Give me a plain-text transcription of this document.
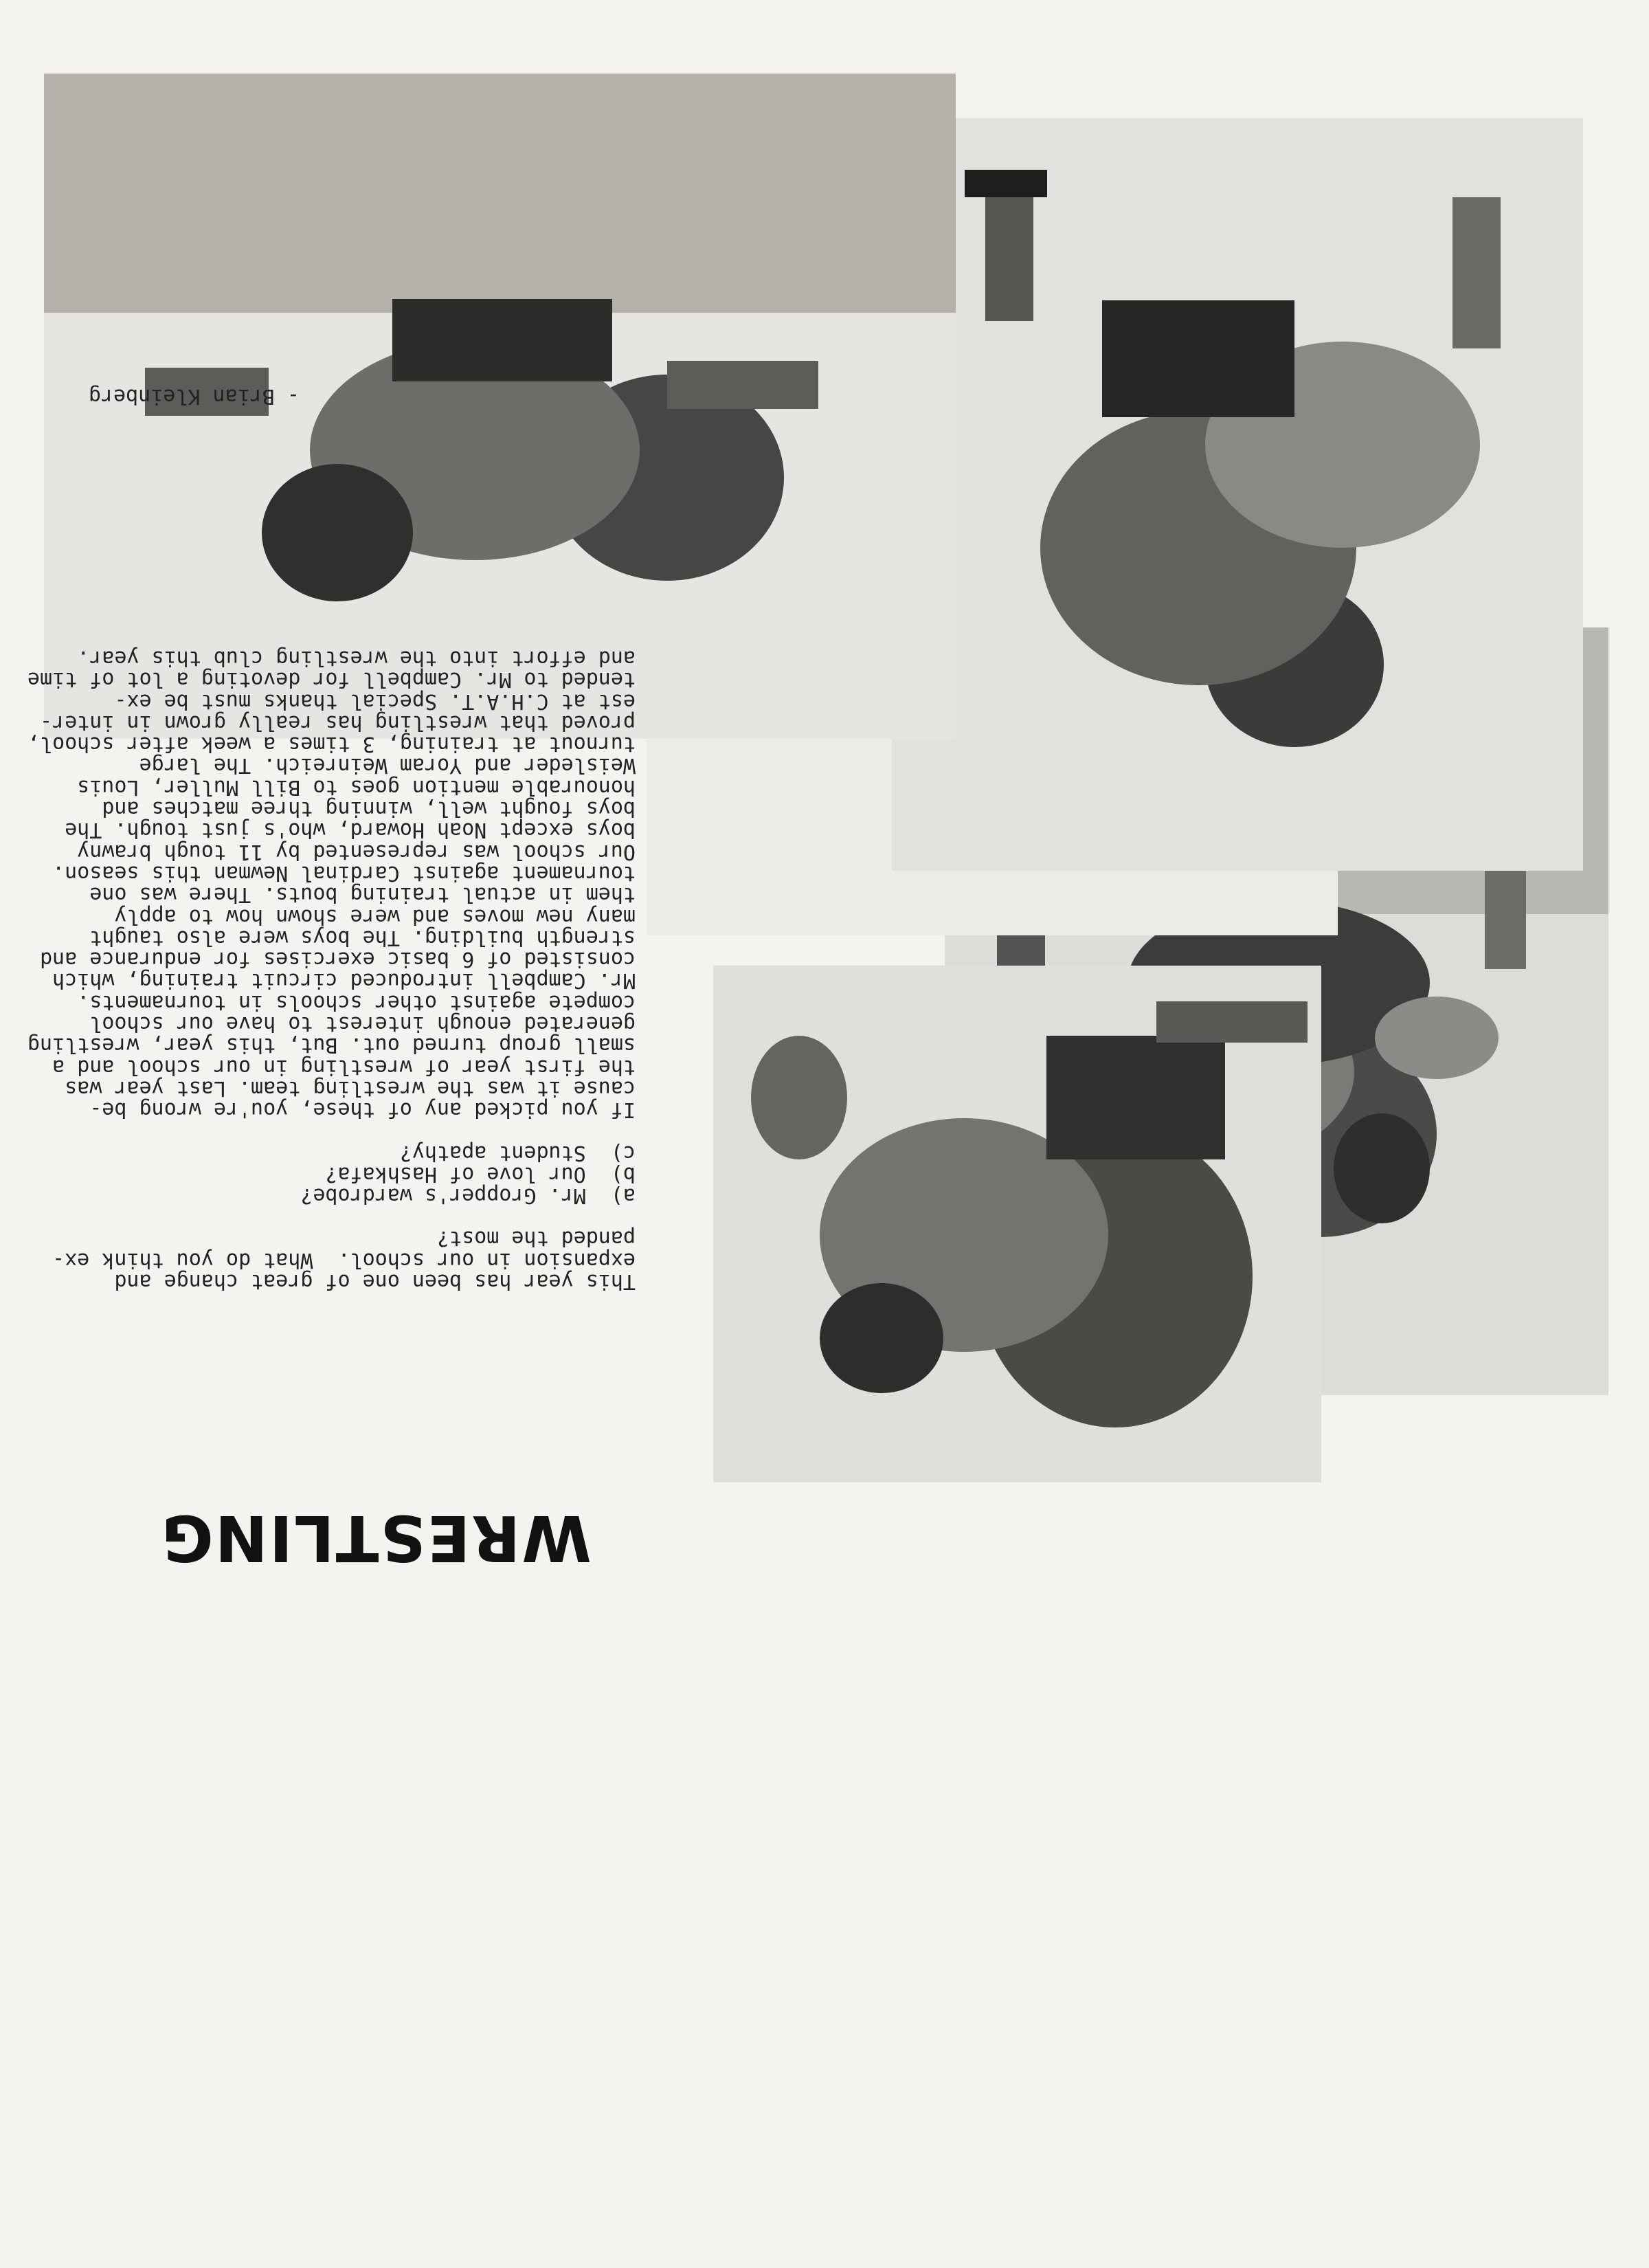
WRESTLING

This year has been one of great change and
expansion in our school.  What do you think ex-
panded the most?

a)  Mr. Gropper's wardrobe?
b)  Our love of Hashkafa?
c)  Student apathy?
If you picked any of these, you're wrong be-
cause it was the wrestling team. Last year was
the first year of wrestling in our school and a
small group turned out. But, this year, wrestling
generated enough interest to have our school
compete against other schools in tournaments.
Mr. Campbell introduced circuit training, which
consisted of 6 basic exercises for endurance and
strength building. The boys were also taught
many new moves and were shown how to apply
them in actual training bouts. There was one
tournament against Cardinal Newman this season.
Our school was represented by 11 tough brawny
boys except Noah Howard, who's just tough. The
boys fought well, winning three matches and
honourable mention goes to Bill Muller, Louis
Weisleder and Yoram Weinreich. The large
turnout at training, 3 times a week after school,
proved that wrestling has really grown in inter-
est at C.H.A.T. Special thanks must be ex-
tended to Mr. Campbell for devoting a lot of time
and effort into the wrestling club this year.
- Brian Kleinberg
